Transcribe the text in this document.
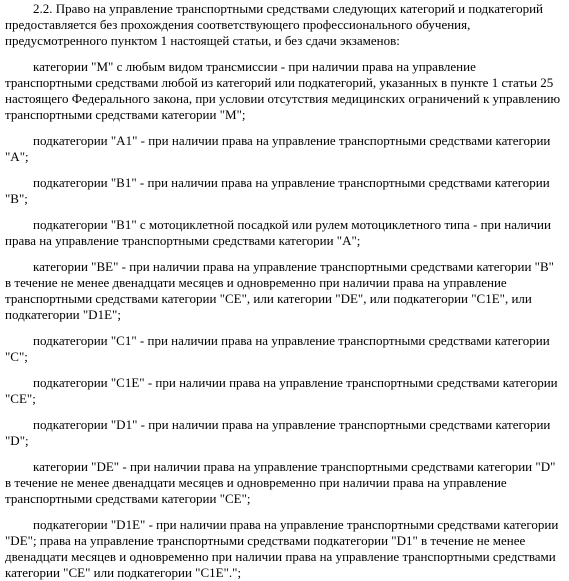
2.2. Право на управление транспортными средствами следующих категорий и подкатегорий предоставляется без прохождения соответствующего профессионального обучения, предусмотренного пунктом 1 настоящей статьи, и без сдачи экзаменов:

категории "M" с любым видом трансмиссии - при наличии права на управление транспортными средствами любой из категорий или подкатегорий, указанных в пункте 1 статьи 25 настоящего Федерального закона, при условии отсутствия медицинских ограничений к управлению транспортными средствами категории "M";

подкатегории "A1" - при наличии права на управление транспортными средствами категории "A";

подкатегории "B1" - при наличии права на управление транспортными средствами категории "B";

подкатегории "B1" с мотоциклетной посадкой или рулем мотоциклетного типа - при наличии права на управление транспортными средствами категории "A";

категории "BE" - при наличии права на управление транспортными средствами категории "B" в течение не менее двенадцати месяцев и одновременно при наличии права на управление транспортными средствами категории "CE", или категории "DE", или подкатегории "C1E", или подкатегории "D1E";

подкатегории "C1" - при наличии права на управление транспортными средствами категории "C";

подкатегории "C1E" - при наличии права на управление транспортными средствами категории "CE";

подкатегории "D1" - при наличии права на управление транспортными средствами категории "D";

категории "DE" - при наличии права на управление транспортными средствами категории "D" в течение не менее двенадцати месяцев и одновременно при наличии права на управление транспортными средствами категории "CE";

подкатегории "D1E" - при наличии права на управление транспортными средствами категории "DE"; права на управление транспортными средствами подкатегории "D1" в течение не менее двенадцати месяцев и одновременно при наличии права на управление транспортными средствами категории "CE" или подкатегории "C1E".";
